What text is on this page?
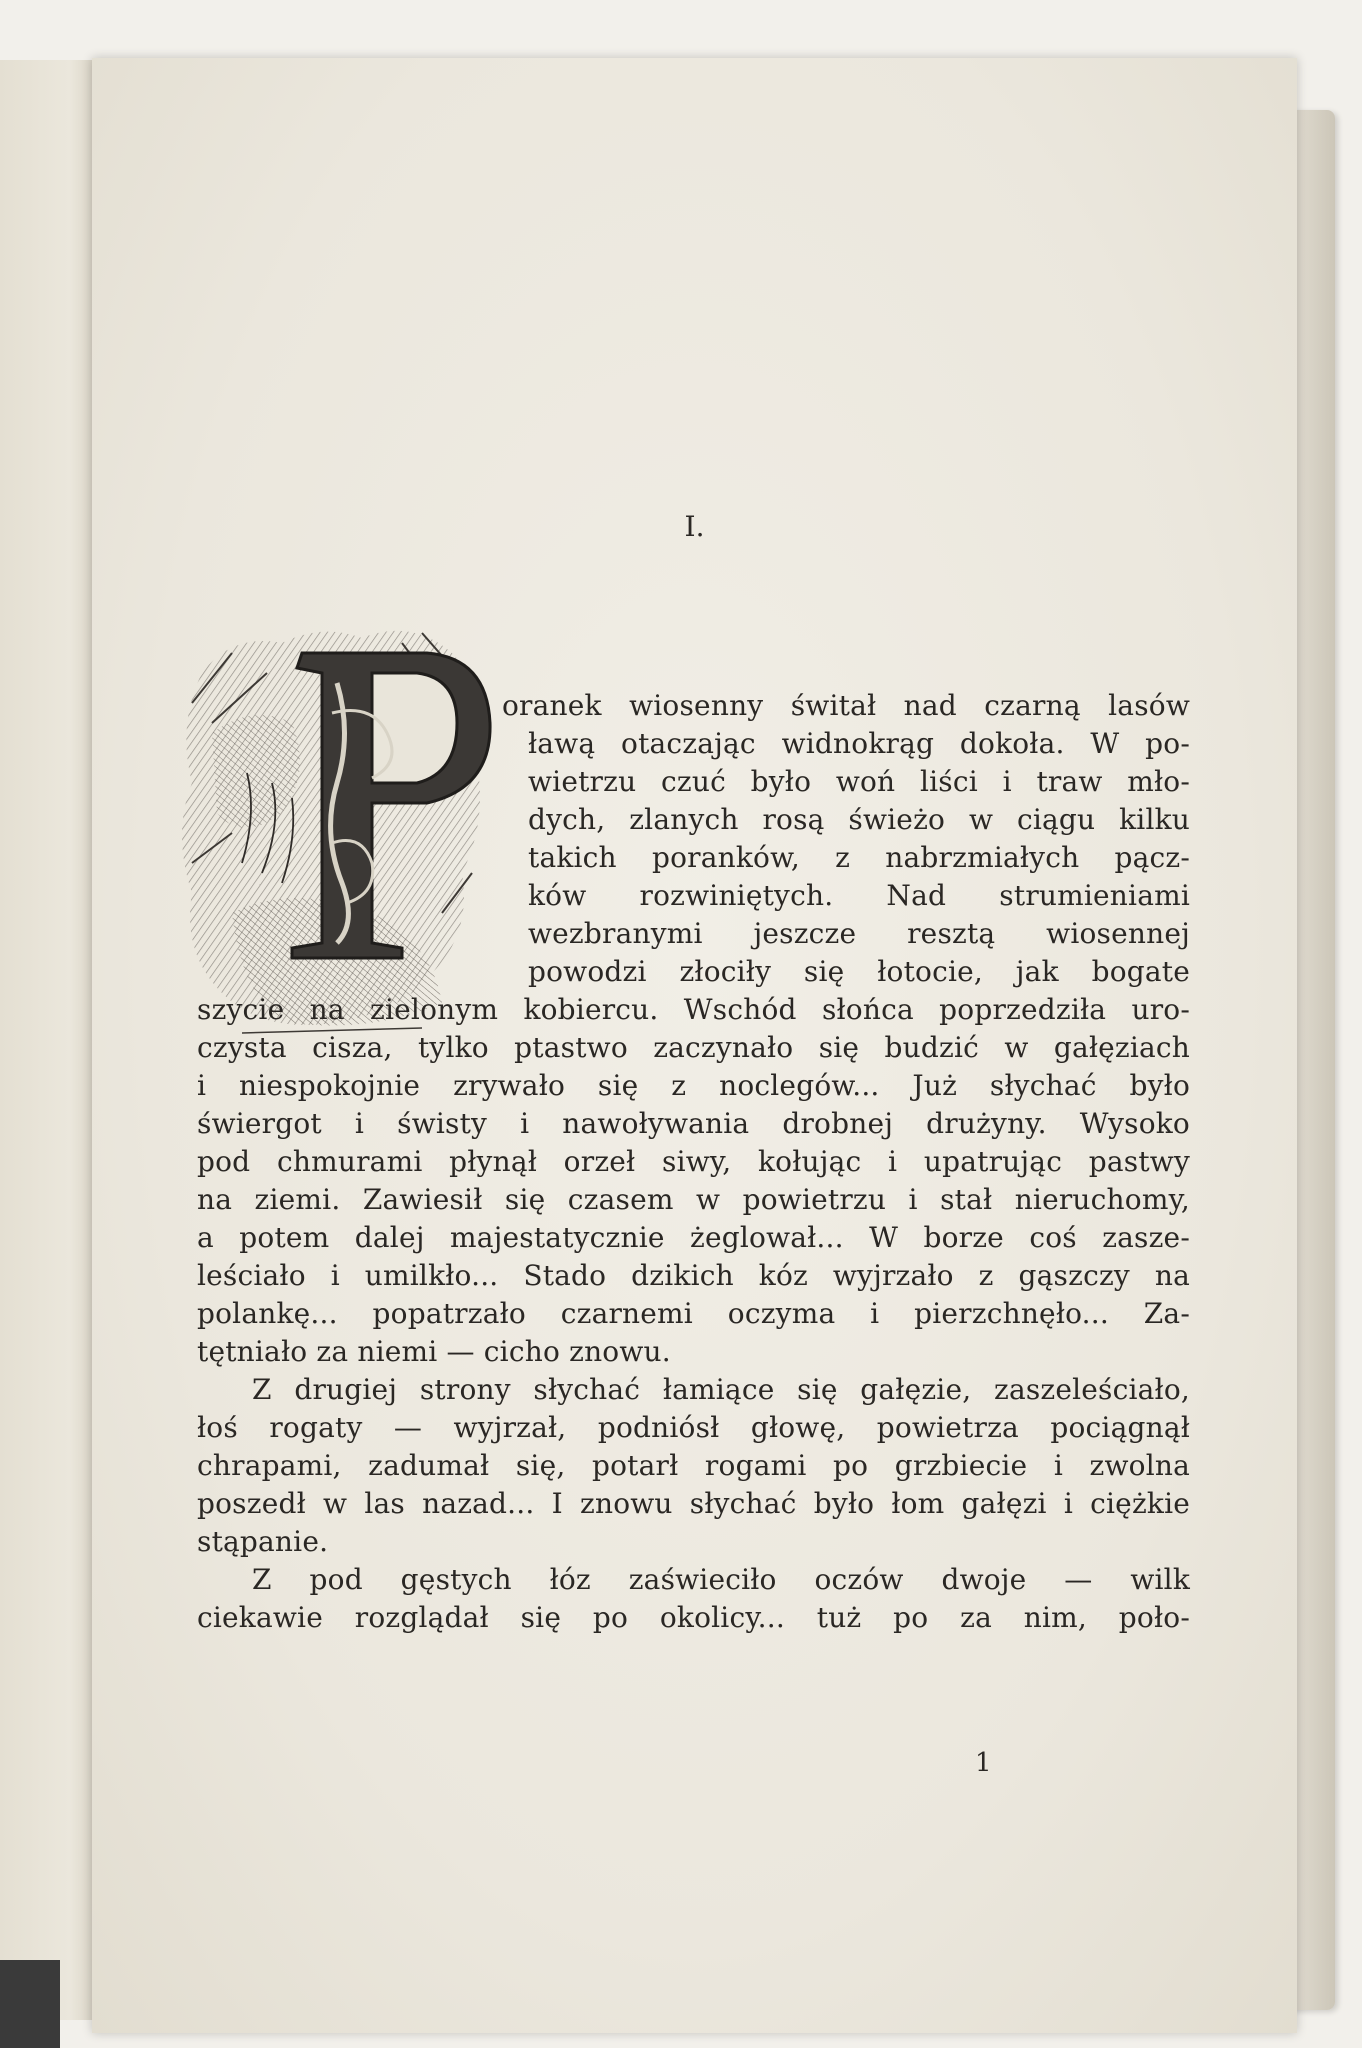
I.
oranek wiosenny świtał nad czarną lasów
ławą otaczając widnokrąg dokoła. W po-
wietrzu czuć było woń liści i traw mło-
dych, zlanych rosą świeżo w ciągu kilku
takich poranków, z nabrzmiałych pącz-
ków rozwiniętych. Nad strumieniami
wezbranymi jeszcze resztą wiosennej
powodzi złociły się łotocie, jak bogate
szycie na zielonym kobiercu. Wschód słońca poprzedziła uro-
czysta cisza, tylko ptastwo zaczynało się budzić w gałęziach
i niespokojnie zrywało się z noclegów... Już słychać było
świergot i świsty i nawoływania drobnej drużyny. Wysoko
pod chmurami płynął orzeł siwy, kołując i upatrując pastwy
na ziemi. Zawiesił się czasem w powietrzu i stał nieruchomy,
a potem dalej majestatycznie żeglował... W borze coś zasze-
leściało i umilkło... Stado dzikich kóz wyjrzało z gąszczy na
polankę... popatrzało czarnemi oczyma i pierzchnęło... Za-
tętniało za niemi — cicho znowu.
Z drugiej strony słychać łamiące się gałęzie, zaszeleściało,
łoś rogaty — wyjrzał, podniósł głowę, powietrza pociągnął
chrapami, zadumał się, potarł rogami po grzbiecie i zwolna
poszedł w las nazad... I znowu słychać było łom gałęzi i ciężkie
stąpanie.
Z pod gęstych łóz zaświeciło oczów dwoje — wilk
ciekawie rozglądał się po okolicy... tuż po za nim, poło-
1
